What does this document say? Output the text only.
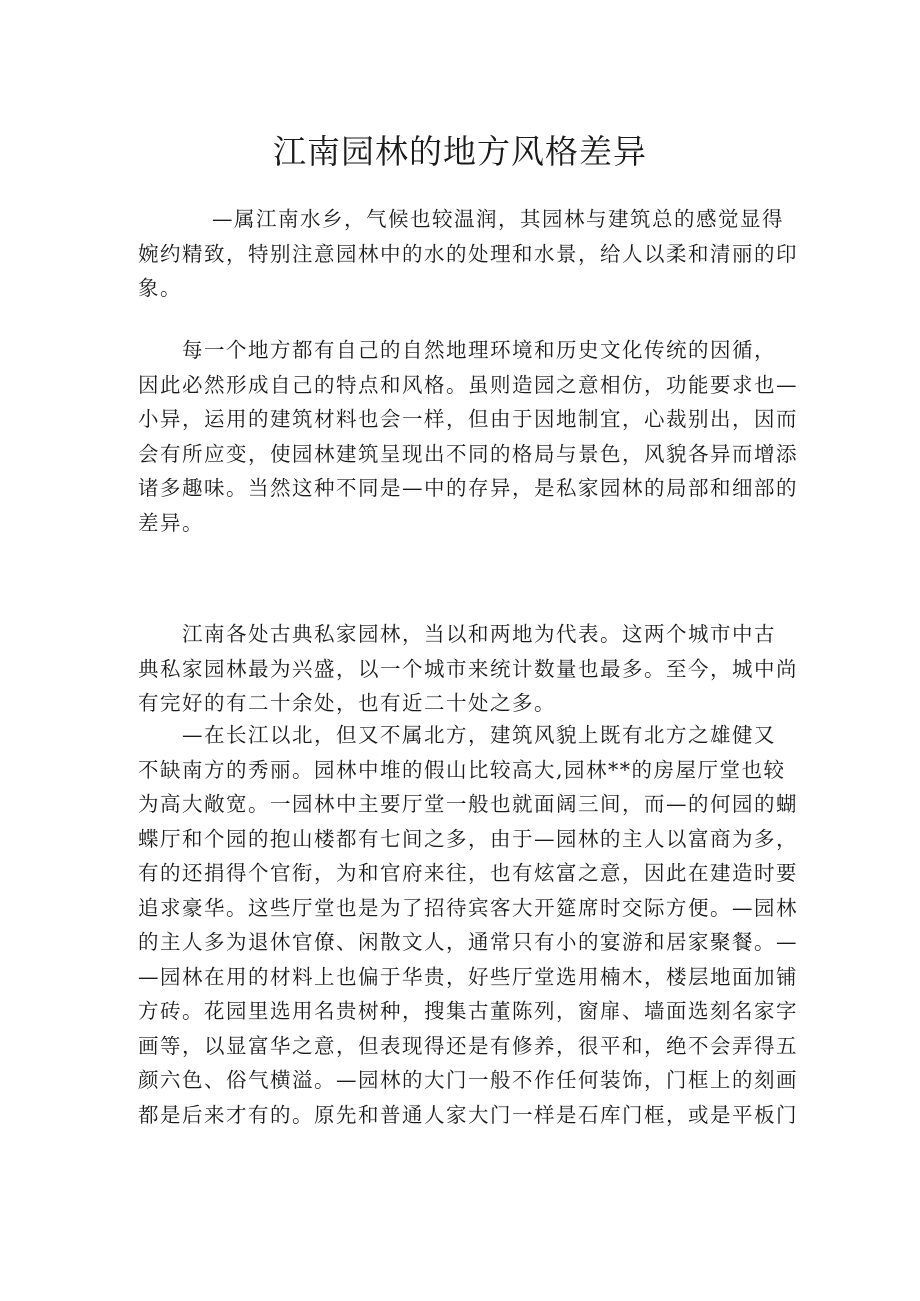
江南园林的地方风格差异

　　　 —属江南水乡，气候也较温润，其园林与建筑总的感觉显得
婉约精致，特别注意园林中的水的处理和水景，给人以柔和清丽的印
象。

　　每一个地方都有自己的自然地理环境和历史文化传统的因循，
因此必然形成自己的特点和风格。虽则造园之意相仿，功能要求也—
小异，运用的建筑材料也会一样，但由于因地制宜，心裁别出，因而
会有所应变，使园林建筑呈现出不同的格局与景色，风貌各异而增添
诸多趣味。当然这种不同是—中的存异，是私家园林的局部和细部的
差异。

　　江南各处古典私家园林，当以和两地为代表。这两个城市中古
典私家园林最为兴盛，以一个城市来统计数量也最多。至今，城中尚
有完好的有二十余处，也有近二十处之多。

　　—在长江以北，但又不属北方，建筑风貌上既有北方之雄健又
不缺南方的秀丽。园林中堆的假山比较高大,园林**的房屋厅堂也较
为高大敞宽。一园林中主要厅堂一般也就面阔三间，而—的何园的蝴
蝶厅和个园的抱山楼都有七间之多，由于—园林的主人以富商为多，
有的还捐得个官衔，为和官府来往，也有炫富之意，因此在建造时要
追求豪华。这些厅堂也是为了招待宾客大开筵席时交际方便。—园林
的主人多为退休官僚、闲散文人，通常只有小的宴游和居家聚餐。—
—园林在用的材料上也偏于华贵，好些厅堂选用楠木，楼层地面加铺
方砖。花园里选用名贵树种，搜集古董陈列，窗扉、墙面选刻名家字
画等，以显富华之意，但表现得还是有修养，很平和，绝不会弄得五
颜六色、俗气横溢。—园林的大门一般不作任何装饰，门框上的刻画
都是后来才有的。原先和普通人家大门一样是石库门框，或是平板门
